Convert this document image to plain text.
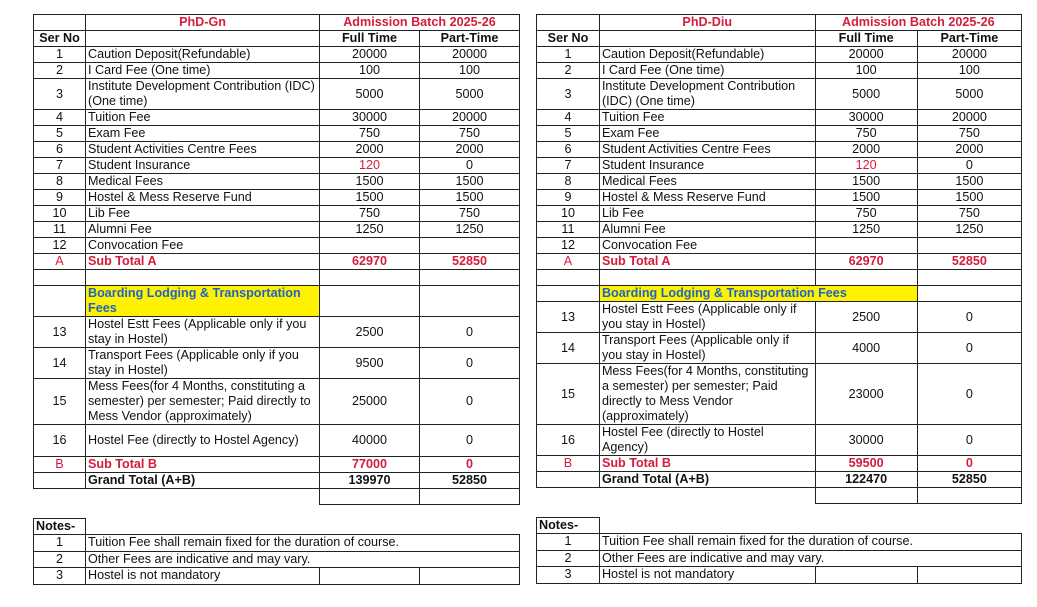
	PhD-Gn	Admission Batch 2025-26	
Ser No		Full Time	Part-Time
1	Caution Deposit(Refundable)	20000	20000
2	I Card Fee (One time)	100	100
3	Institute Development Contribution (IDC) (One time)	5000	5000
4	Tuition Fee	30000	20000
5	Exam Fee	750	750
6	Student Activities Centre Fees	2000	2000
7	Student Insurance	120	0
8	Medical Fees	1500	1500
9	Hostel & Mess Reserve Fund	1500	1500
10	Lib Fee	750	750
11	Alumni Fee	1250	1250
12	Convocation Fee		
A	Sub Total A	62970	52850

	Boarding Lodging & Transportation Fees		
13	Hostel Estt Fees (Applicable only if you stay in Hostel)	2500	0
14	Transport Fees (Applicable only if you stay in Hostel)	9500	0
15	Mess Fees(for 4 Months, constituting a semester) per semester; Paid directly to Mess Vendor (approximately)	25000	0
16	Hostel Fee (directly to Hostel Agency)	40000	0
B	Sub Total B	77000	0
	Grand Total (A+B)	139970	52850

Notes-			
1	Tuition Fee shall remain fixed for the duration of course.		
2	Other Fees are indicative and may vary.		
3	Hostel is not mandatory		
	PhD-Diu	Admission Batch 2025-26	
Ser No		Full Time	Part-Time
1	Caution Deposit(Refundable)	20000	20000
2	I Card Fee (One time)	100	100
3	Institute Development Contribution (IDC) (One time)	5000	5000
4	Tuition Fee	30000	20000
5	Exam Fee	750	750
6	Student Activities Centre Fees	2000	2000
7	Student Insurance	120	0
8	Medical Fees	1500	1500
9	Hostel & Mess Reserve Fund	1500	1500
10	Lib Fee	750	750
11	Alumni Fee	1250	1250
12	Convocation Fee		
A	Sub Total A	62970	52850

	Boarding Lodging & Transportation Fees		
13	Hostel Estt Fees (Applicable only if you stay in Hostel)	2500	0
14	Transport Fees (Applicable only if you stay in Hostel)	4000	0
15	Mess Fees(for 4 Months, constituting a semester) per semester; Paid directly to Mess Vendor (approximately)	23000	0
16	Hostel Fee (directly to Hostel Agency)	30000	0
B	Sub Total B	59500	0
	Grand Total (A+B)	122470	52850

Notes-			
1	Tuition Fee shall remain fixed for the duration of course.		
2	Other Fees are indicative and may vary.		
3	Hostel is not mandatory		
